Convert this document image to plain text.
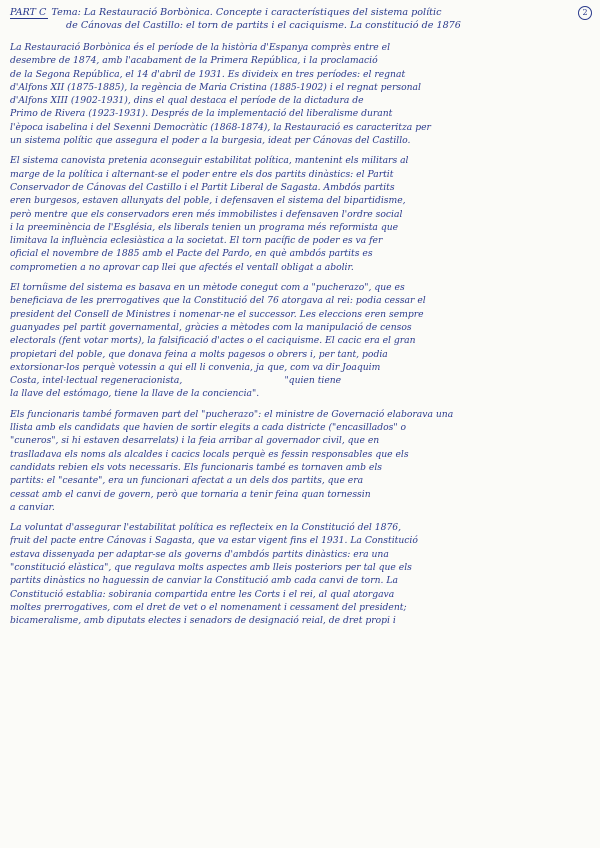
PART C Tema: La Restauració Borbònica. Concepte i característiques del sistema polític
de Cánovas del Castillo: el torn de partits i el caciquisme. La constitució de 1876
2
La Restauració Borbònica és el període de la història d'Espanya comprès entre el
desembre de 1874, amb l'acabament de la Primera República, i la proclamació
de la Segona República, el 14 d'abril de 1931. Es divideix en tres períodes: el regnat
d'Alfons XII (1875-1885), la regència de Maria Cristina (1885-1902) i el regnat personal
d'Alfons XIII (1902-1931), dins el qual destaca el període de la dictadura de
Primo de Rivera (1923-1931). Després de la implementació del liberalisme durant
l'època isabelina i del Sexenni Democràtic (1868-1874), la Restauració es caracteritza per
un sistema polític que assegura el poder a la burgesia, ideat per Cánovas del Castillo.
El sistema canovista pretenia aconseguir estabilitat política, mantenint els militars al
marge de la política i alternant-se el poder entre els dos partits dinàstics: el Partit
Conservador de Cánovas del Castillo i el Partit Liberal de Sagasta. Ambdós partits
eren burgesos, estaven allunyats del poble, i defensaven el sistema del bipartidisme,
però mentre que els conservadors eren més immobilistes i defensaven l'ordre social
i la preeminència de l'Església, els liberals tenien un programa més reformista que
limitava la influència eclesiàstica a la societat. El torn pacífic de poder es va fer
oficial el novembre de 1885 amb el Pacte del Pardo, en què ambdós partits es
comprometien a no aprovar cap llei que afectés el ventall obligat a abolir.
El torníisme del sistema es basava en un mètode conegut com a "pucherazo", que es
beneficiava de les prerrogatives que la Constitució del 76 atorgava al rei: podia cessar el
president del Consell de Ministres i nomenar-ne el successor. Les eleccions eren sempre
guanyades pel partit governamental, gràcies a mètodes com la manipulació de censos
electorals (fent votar morts), la falsificació d'actes o el caciquisme. El cacic era el gran
propietari del poble, que donava feina a molts pagesos o obrers i, per tant, podia
extorsionar-los perquè votessin a qui ell li convenia, ja que, com va dir Joaquim
Costa, intel·lectual regeneracionista,                                   "quien tiene
la llave del estómago, tiene la llave de la conciencia".
Els funcionaris també formaven part del "pucherazo": el ministre de Governació elaborava una
llista amb els candidats que havien de sortir elegits a cada districte ("encasillados" o
"cuneros", si hi estaven desarrelats) i la feia arribar al governador civil, que en
traslladava els noms als alcaldes i cacics locals perquè es fessin responsables que els
candidats rebien els vots necessaris. Els funcionaris també es tornaven amb els
partits: el "cesante", era un funcionari afectat a un dels dos partits, que era
cessat amb el canvi de govern, però que tornaria a tenir feina quan tornessin
a canviar.
La voluntat d'assegurar l'estabilitat política es reflecteix en la Constitució del 1876,
fruit del pacte entre Cánovas i Sagasta, que va estar vigent fins el 1931. La Constitució
estava dissenyada per adaptar-se als governs d'ambdós partits dinàstics: era una
"constitució elàstica", que regulava molts aspectes amb lleis posteriors per tal que els
partits dinàstics no haguessin de canviar la Constitució amb cada canvi de torn. La
Constitució establia: sobirania compartida entre les Corts i el rei, al qual atorgava
moltes prerrogatives, com el dret de vet o el nomenament i cessament del president;
bicameralisme, amb diputats electes i senadors de designació reial, de dret propi i
